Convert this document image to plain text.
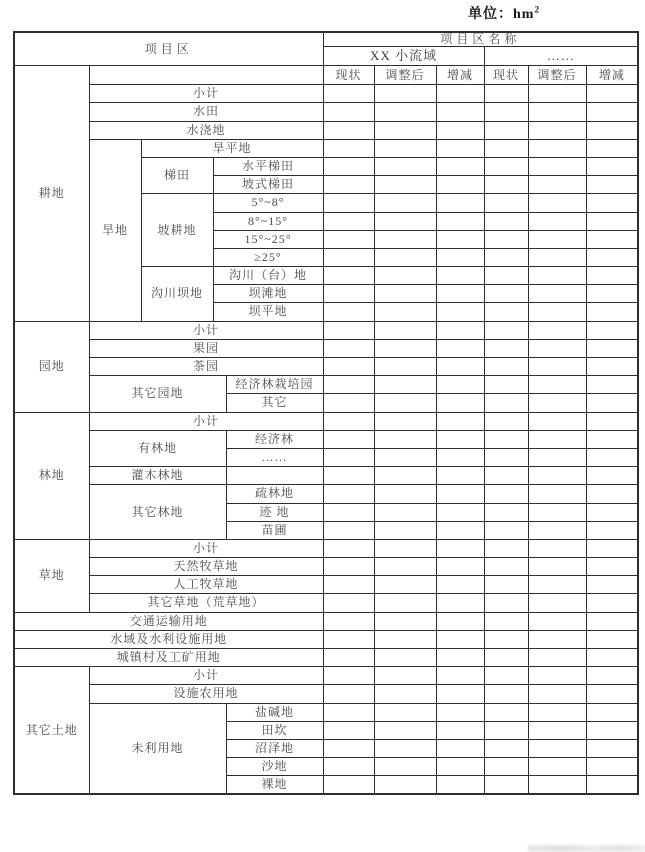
单位：$hm^2$
项目区					项目区名称					
					XX 小流域			……		
耕地					现状	调整后	增减	现状	调整后	增减
	小计									
	水田									
	水浇地									
	旱地	旱平地								
		梯田	水平梯田							
			坡式梯田							
		坡耕地	5°~8°							
			8°~15°							
			15°~25°							
			≥25°							
		沟川坝地	沟川（台）地							
			坝滩地							
			坝平地							
园地	小计									
	果园									
	茶园									
	其它园地			经济林栽培园						
				其它						
林地	小计									
	有林地			经济林						
				……						
	灌木林地									
	其它林地			疏林地						
				迹 地						
				苗圃						
草地	小计									
	天然牧草地									
	人工牧草地									
	其它草地（荒草地）									
交通运输用地										
水域及水利设施用地										
城镇村及工矿用地										
其它土地	小计									
	设施农用地									
	未利用地			盐碱地						
				田坎						
				沼泽地						
				沙地						
				裸地						
